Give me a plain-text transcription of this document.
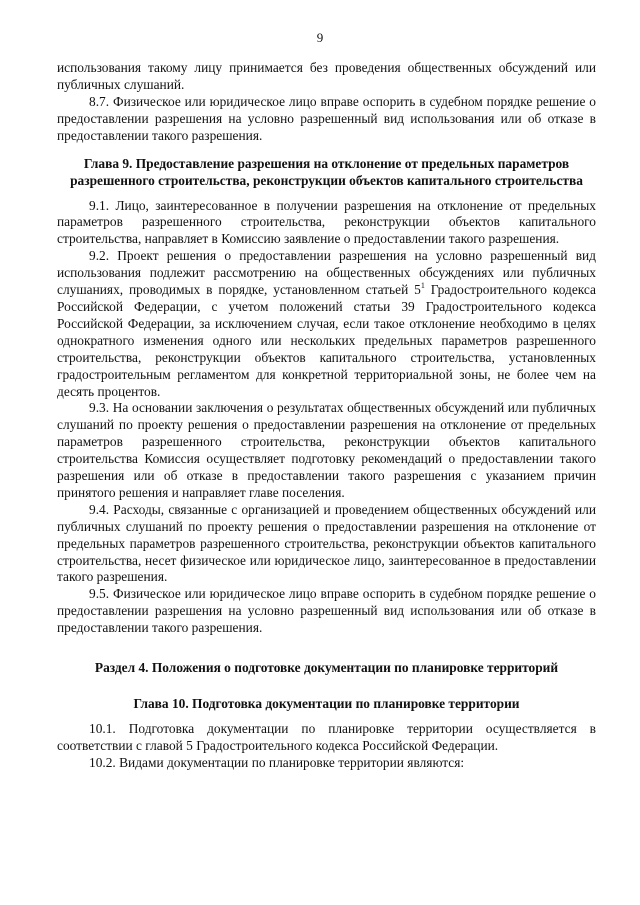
9

использования такому лицу принимается без проведения общественных обсуждений или публичных слушаний.

8.7. Физическое или юридическое лицо вправе оспорить в судебном порядке решение о предоставлении разрешения на условно разрешенный вид использования или об отказе в предоставлении такого разрешения.

Глава 9. Предоставление разрешения на отклонение от предельных параметров разрешенного строительства, реконструкции объектов капитального строительства

9.1. Лицо, заинтересованное в получении разрешения на отклонение от предельных параметров разрешенного строительства, реконструкции объектов капитального строительства, направляет в Комиссию заявление о предоставлении такого разрешения.

9.2. Проект решения о предоставлении разрешения на условно разрешенный вид использования подлежит рассмотрению на общественных обсуждениях или публичных слушаниях, проводимых в порядке, установленном статьей $5^1$ Градостроительного кодекса Российской Федерации, с учетом положений статьи 39 Градостроительного кодекса Российской Федерации, за исключением случая, если такое отклонение необходимо в целях однократного изменения одного или нескольких предельных параметров разрешенного строительства, реконструкции объектов капитального строительства, установленных градостроительным регламентом для конкретной территориальной зоны, не более чем на десять процентов.

9.3. На основании заключения о результатах общественных обсуждений или публичных слушаний по проекту решения о предоставлении разрешения на отклонение от предельных параметров разрешенного строительства, реконструкции объектов капитального строительства Комиссия осуществляет подготовку рекомендаций о предоставлении такого разрешения или об отказе в предоставлении такого разрешения с указанием причин принятого решения и направляет главе поселения.

9.4. Расходы, связанные с организацией и проведением общественных обсуждений или публичных слушаний по проекту решения о предоставлении разрешения на отклонение от предельных параметров разрешенного строительства, реконструкции объектов капитального строительства, несет физическое или юридическое лицо, заинтересованное в предоставлении такого разрешения.

9.5. Физическое или юридическое лицо вправе оспорить в судебном порядке решение о предоставлении разрешения на условно разрешенный вид использования или об отказе в предоставлении такого разрешения.

Раздел 4. Положения о подготовке документации по планировке территорий

Глава 10. Подготовка документации по планировке территории

10.1. Подготовка документации по планировке территории осуществляется в соответствии с главой 5 Градостроительного кодекса Российской Федерации.

10.2. Видами документации по планировке территории являются:
